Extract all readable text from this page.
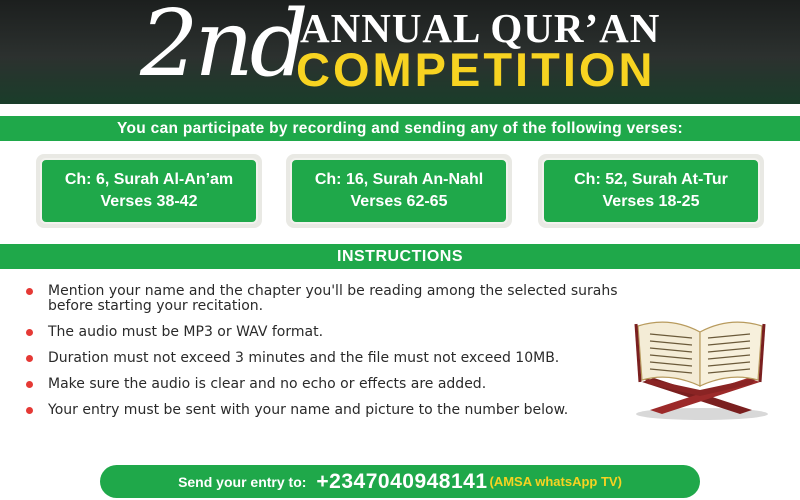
2nd
ANNUAL QUR’AN
COMPETITION
You can participate by recording and sending any of the following verses:
Ch: 6, Surah Al-An’am
Verses 38-42
Ch: 16, Surah An-Nahl
Verses 62-65
Ch: 52, Surah At-Tur
Verses 18-25
INSTRUCTIONS
Mention your name and the chapter you'll be reading among the selected surahs before starting your recitation.
The audio must be MP3 or WAV format.
Duration must not exceed 3 minutes and the file must not exceed 10MB.
Make sure the audio is clear and no echo or effects are added.
Your entry must be sent with your name and picture to the number below.
Send your entry to: +2347040948141 (AMSA whatsApp TV)
